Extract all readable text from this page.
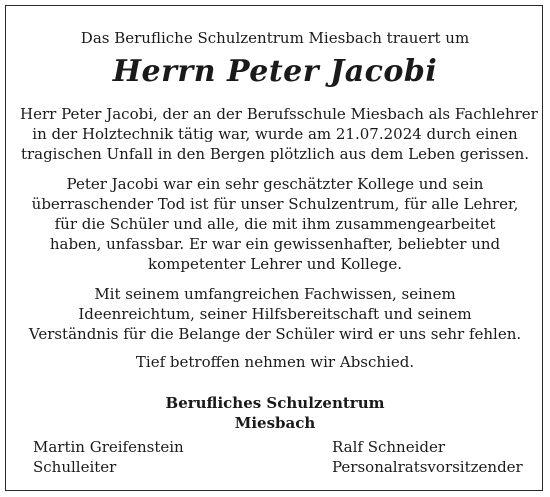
Das Berufliche Schulzentrum Miesbach trauert um
Herrn Peter Jacobi
Herr Peter Jacobi, der an der Berufsschule Miesbach als Fachlehrer
in der Holztechnik tätig war, wurde am 21.07.2024 durch einen
tragischen Unfall in den Bergen plötzlich aus dem Leben gerissen.
Peter Jacobi war ein sehr geschätzter Kollege und sein
überraschender Tod ist für unser Schulzentrum, für alle Lehrer,
für die Schüler und alle, die mit ihm zusammengearbeitet
haben, unfassbar. Er war ein gewissenhafter, beliebter und
kompetenter Lehrer und Kollege.
Mit seinem umfangreichen Fachwissen, seinem
Ideenreichtum, seiner Hilfsbereitschaft und seinem
Verständnis für die Belange der Schüler wird er uns sehr fehlen.
Tief betroffen nehmen wir Abschied.
Berufliches Schulzentrum
Miesbach
Martin Greifenstein
Schulleiter
Ralf Schneider
Personalratsvorsitzender
